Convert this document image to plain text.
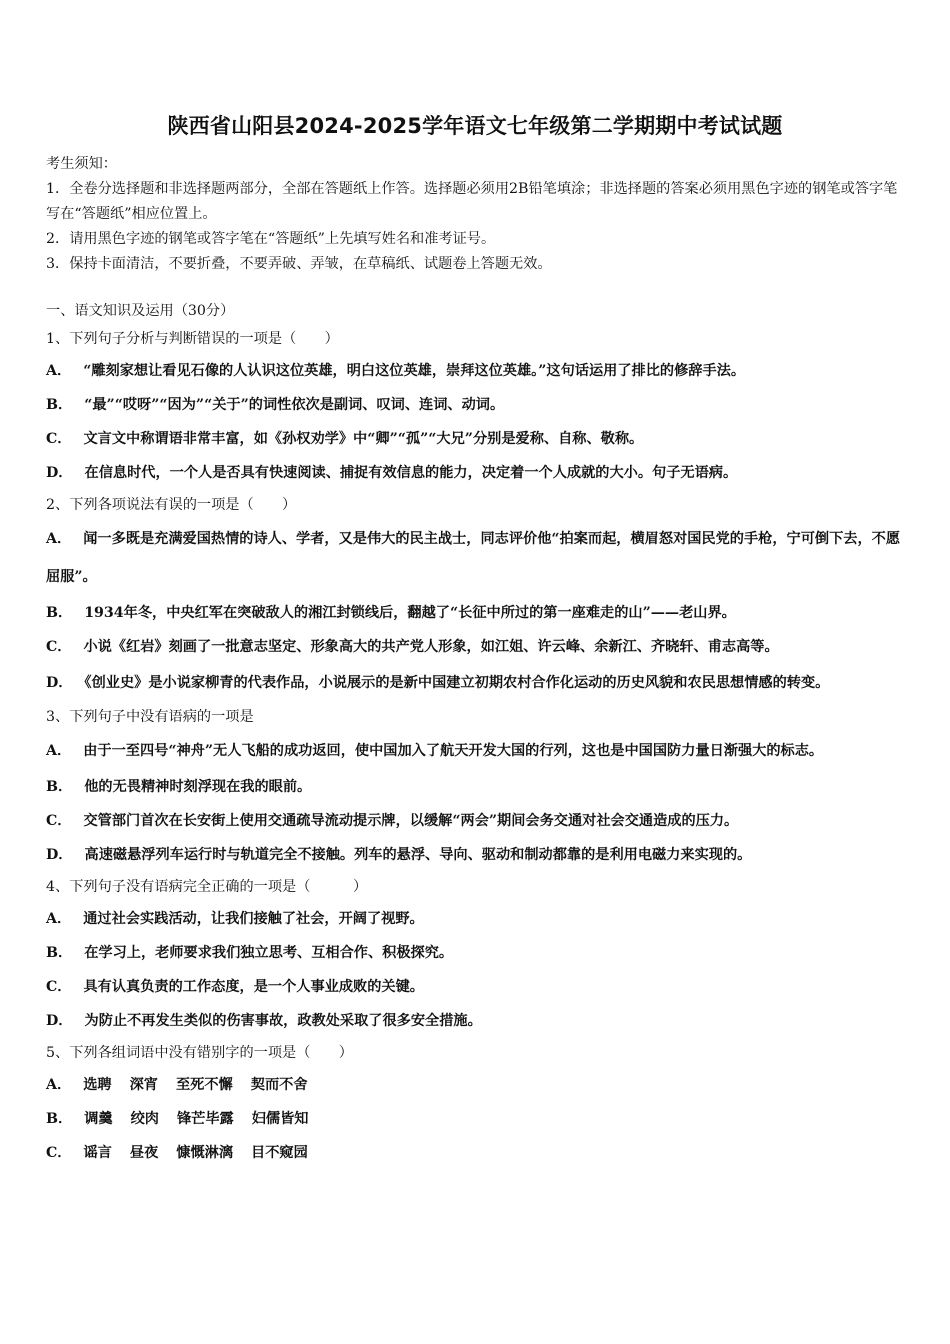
陕西省山阳县2024-2025学年语文七年级第二学期期中考试试题

考生须知：

1．全卷分选择题和非选择题两部分，全部在答题纸上作答。选择题必须用2B铅笔填涂；非选择题的答案必须用黑色字迹的钢笔或答字笔写在“答题纸”相应位置上。

2．请用黑色字迹的钢笔或答字笔在“答题纸”上先填写姓名和准考证号。

3．保持卡面清洁，不要折叠，不要弄破、弄皱，在草稿纸、试题卷上答题无效。

一、语文知识及运用（30分）

1、下列句子分析与判断错误的一项是（　　）

A． “雕刻家想让看见石像的人认识这位英雄，明白这位英雄，崇拜这位英雄。”这句话运用了排比的修辞手法。

B． “最”“哎呀”“因为”“关于”的词性依次是副词、叹词、连词、动词。

C． 文言文中称谓语非常丰富，如《孙权劝学》中“卿”“孤”“大兄”分别是爱称、自称、敬称。

D． 在信息时代，一个人是否具有快速阅读、捕捉有效信息的能力，决定着一个人成就的大小。句子无语病。

2、下列各项说法有误的一项是（　　）

A． 闻一多既是充满爱国热情的诗人、学者，又是伟大的民主战士，同志评价他“拍案而起，横眉怒对国民党的手枪，宁可倒下去，不愿屈服”。

B． 1934年冬，中央红军在突破敌人的湘江封锁线后，翻越了“长征中所过的第一座难走的山”——老山界。

C． 小说《红岩》刻画了一批意志坚定、形象高大的共产党人形象，如江姐、许云峰、余新江、齐晓轩、甫志高等。

D． 《创业史》是小说家柳青的代表作品，小说展示的是新中国建立初期农村合作化运动的历史风貌和农民思想情感的转变。

3、下列句子中没有语病的一项是

A． 由于一至四号“神舟”无人飞船的成功返回，使中国加入了航天开发大国的行列，这也是中国国防力量日渐强大的标志。

B． 他的无畏精神时刻浮现在我的眼前。

C． 交管部门首次在长安街上使用交通疏导流动提示牌，以缓解“两会”期间会务交通对社会交通造成的压力。

D． 高速磁悬浮列车运行时与轨道完全不接触。列车的悬浮、导向、驱动和制动都靠的是利用电磁力来实现的。

4、下列句子没有语病完全正确的一项是（　　　）

A． 通过社会实践活动，让我们接触了社会，开阔了视野。

B． 在学习上，老师要求我们独立思考、互相合作、积极探究。

C． 具有认真负责的工作态度，是一个人事业成败的关键。

D． 为防止不再发生类似的伤害事故，政教处采取了很多安全措施。

5、下列各组词语中没有错别字的一项是（　　）

A． 选聘 深宵 至死不懈 契而不舍

B． 调羹 绞肉 锋芒毕露 妇儒皆知

C． 谣言 昼夜 慷慨淋漓 目不窥园
